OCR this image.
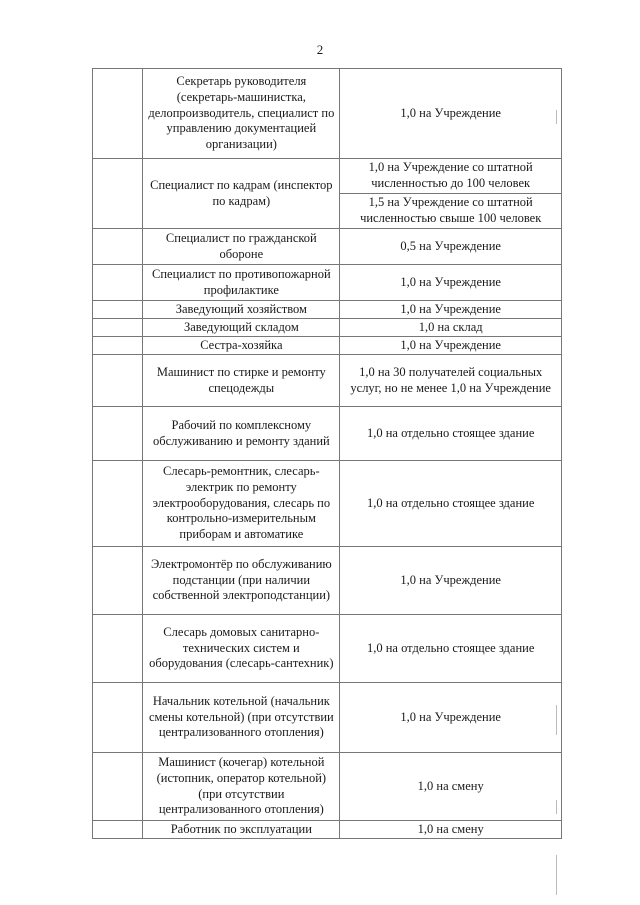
2
	Секретарь руководителя (секретарь-машинистка, делопроизводитель, специалист по управлению документацией организации)	1,0 на Учреждение
	Специалист по кадрам (инспектор по кадрам)	1,0 на Учреждение со штатной численностью до 100 человек
		1,5 на Учреждение со штатной численностью свыше 100 человек
	Специалист по гражданской обороне	0,5 на Учреждение
	Специалист по противопожарной профилактике	1,0 на Учреждение
	Заведующий хозяйством	1,0 на Учреждение
	Заведующий складом	1,0 на склад
	Сестра-хозяйка	1,0 на Учреждение
	Машинист по стирке и ремонту спецодежды	1,0 на 30 получателей социальных услуг, но не менее 1,0 на Учреждение
	Рабочий по комплексному обслуживанию и ремонту зданий	1,0 на отдельно стоящее здание
	Слесарь-ремонтник, слесарь-электрик по ремонту электрооборудования, слесарь по контрольно-измерительным приборам и автоматике	1,0 на отдельно стоящее здание
	Электромонтёр по обслуживанию подстанции (при наличии собственной электроподстанции)	1,0 на Учреждение
	Слесарь домовых санитарно-технических систем и оборудования (слесарь-сантехник)	1,0 на отдельно стоящее здание
	Начальник котельной (начальник смены котельной) (при отсутствии централизованного отопления)	1,0 на Учреждение
	Машинист (кочегар) котельной (истопник, оператор котельной) (при отсутствии централизованного отопления)	1,0 на смену
	Работник по эксплуатации	1,0 на смену
